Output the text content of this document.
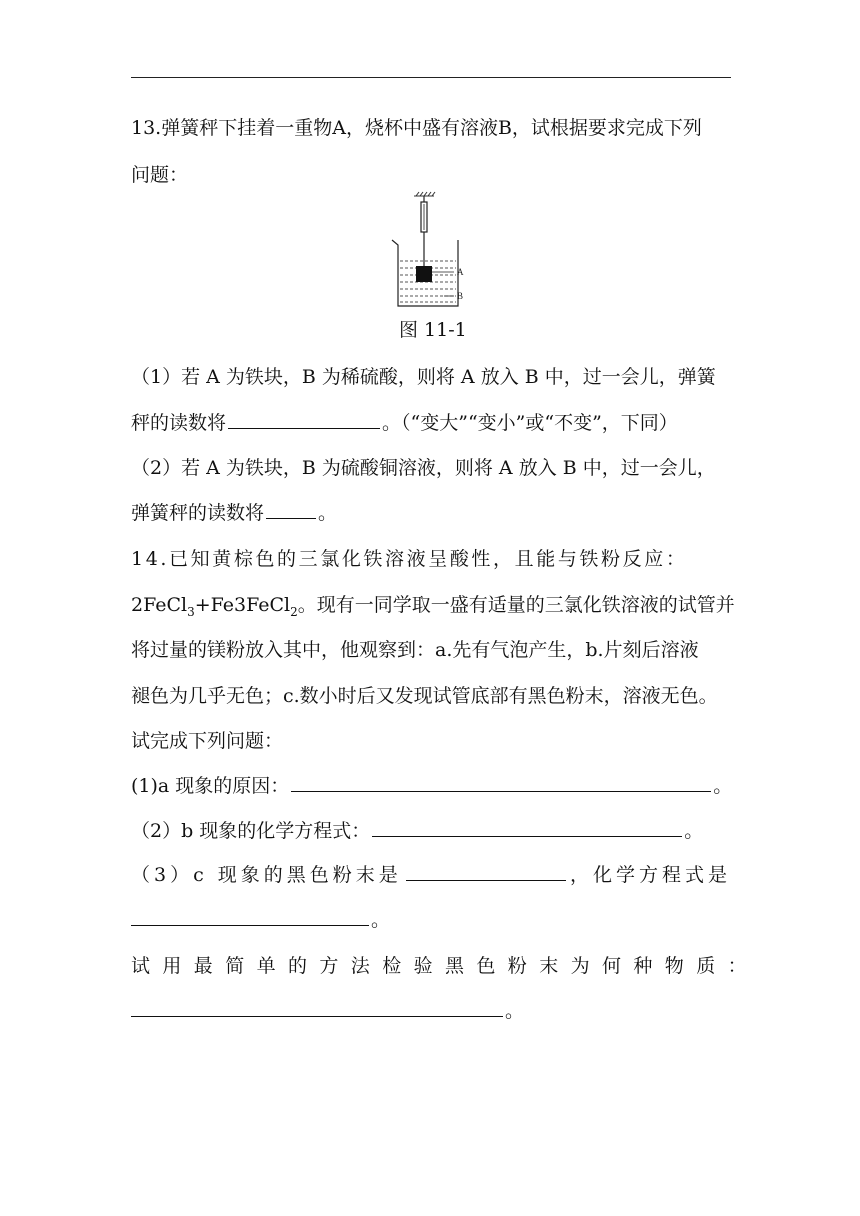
13.弹簧秤下挂着一重物A，烧杯中盛有溶液B，试根据要求完成下列
问题：
A
B
图 11-1
（1）若 A 为铁块，B 为稀硫酸，则将 A 放入 B 中，过一会儿，弹簧
秤的读数将	。（“变大”“变小”或“不变”，下同）
（2）若 A 为铁块，B 为硫酸铜溶液，则将 A 放入 B 中，过一会儿，
弹簧秤的读数将	。
14.已知黄棕色的三氯化铁溶液呈酸性，且能与铁粉反应：
2FeCl$_3$+Fe3FeCl$_2$。现有一同学取一盛有适量的三氯化铁溶液的试管并
将过量的镁粉放入其中，他观察到：a.先有气泡产生，b.片刻后溶液
褪色为几乎无色；c.数小时后又发现试管底部有黑色粉末，溶液无色。
试完成下列问题：
(1)a 现象的原因：	。
（2）b 现象的化学方程式：	。
（3）c 现象的黑色粉末是	，化学方程式是
。
试用最简单的方法检验黑色粉末为何种物质：
。
